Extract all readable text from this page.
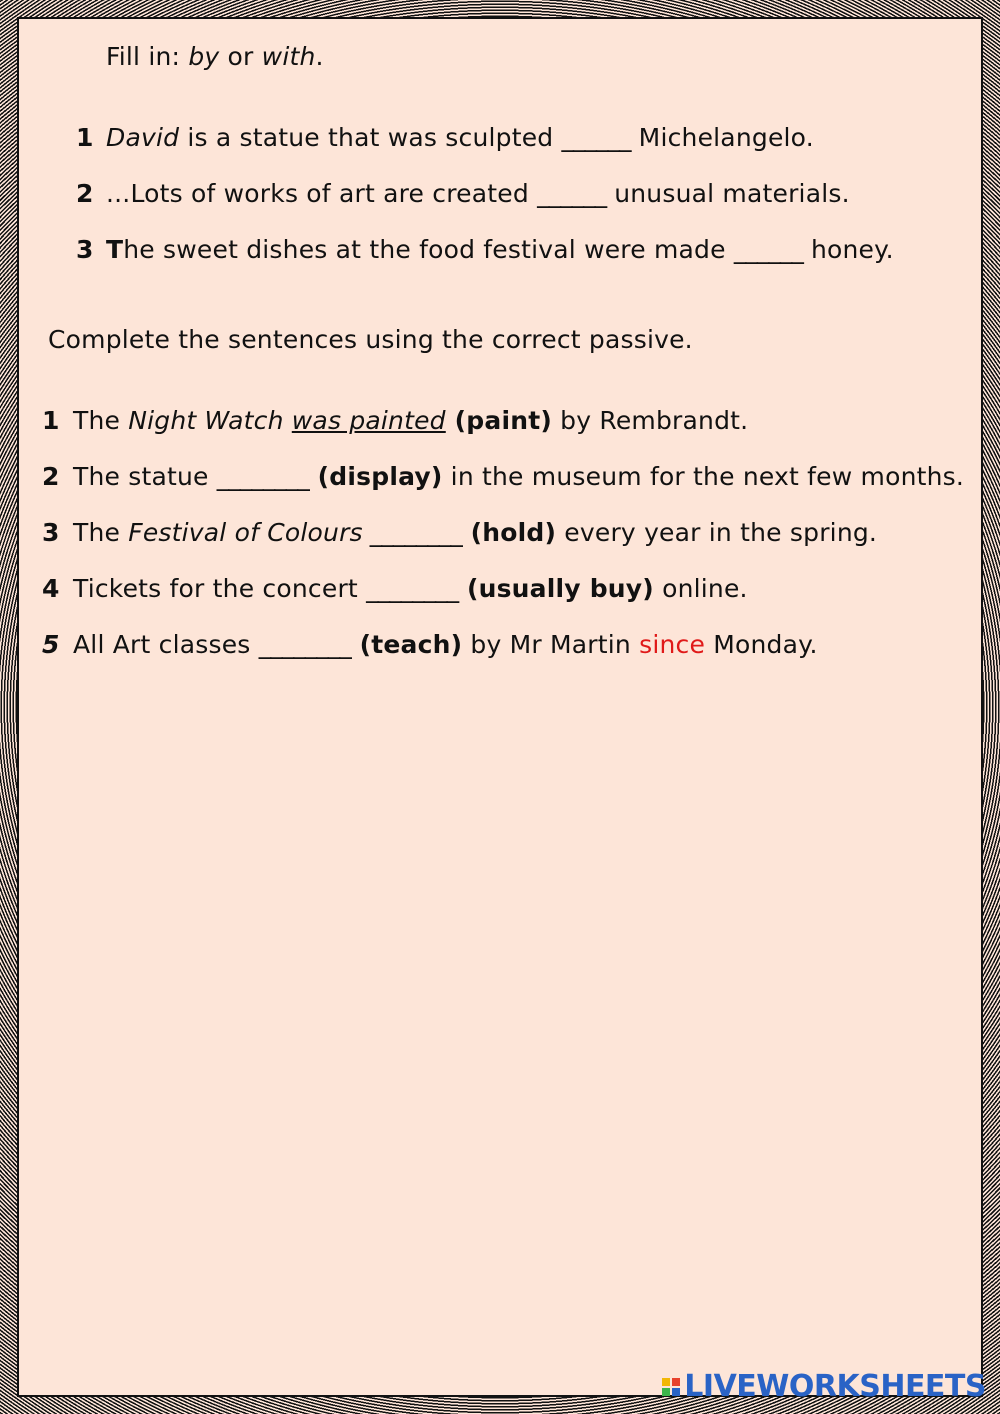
Fill in: by or with.
1 David is a statue that was sculpted ______ Michelangelo.
2 ...Lots of works of art are created ______ unusual materials.
3 The sweet dishes at the food festival were made ______ honey.
Complete the sentences using the correct passive.
1 The Night Watch was painted (paint) by Rembrandt.
2 The statue ________ (display) in the museum for the next few months.
3 The Festival of Colours ________ (hold) every year in the spring.
4 Tickets for the concert ________ (usually buy) online.
5 All Art classes ________ (teach) by Mr Martin since Monday.
LIVEWORKSHEETS
